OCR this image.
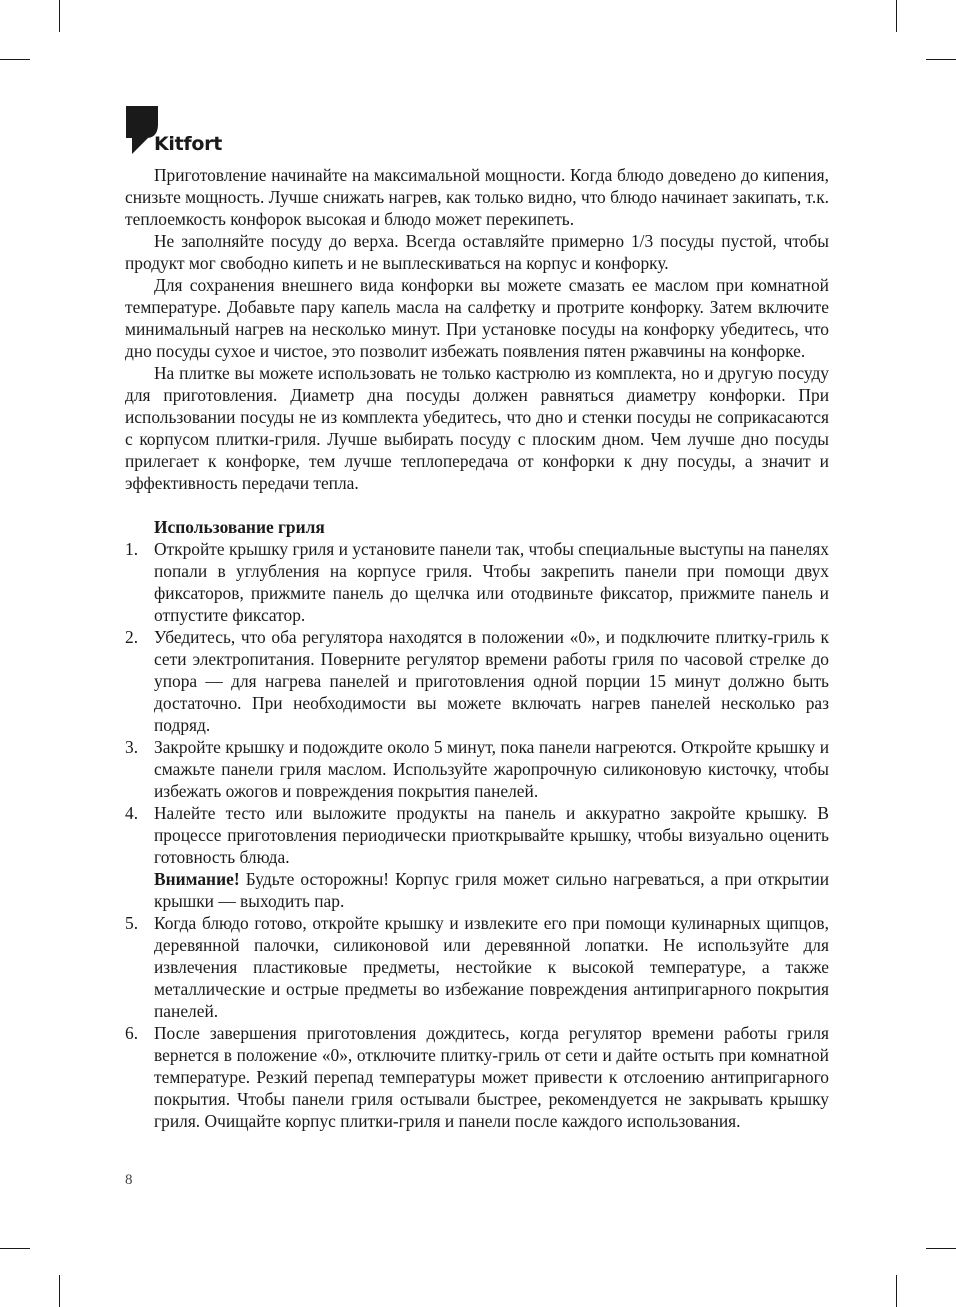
Kitfort

Приготовление начинайте на максимальной мощности. Когда блюдо доведено до кипения, снизьте мощность. Лучше снижать нагрев, как только видно, что блюдо начинает закипать, т.к. теплоемкость конфорок высокая и блюдо может перекипеть.

Не заполняйте посуду до верха. Всегда оставляйте примерно 1/3 посуды пустой, чтобы продукт мог свободно кипеть и не выплескиваться на корпус и конфорку.

Для сохранения внешнего вида конфорки вы можете смазать ее маслом при комнатной температуре. Добавьте пару капель масла на салфетку и протрите конфорку. Затем включите минимальный нагрев на несколько минут. При установке посуды на конфорку убедитесь, что дно посуды сухое и чистое, это позволит избежать появления пятен ржавчины на конфорке.

На плитке вы можете использовать не только кастрюлю из комплекта, но и другую посуду для приготовления. Диаметр дна посуды должен равняться диаметру конфорки. При использовании посуды не из комплекта убедитесь, что дно и стенки посуды не соприкасаются с корпусом плитки-гриля. Лучше выбирать посуду с плоским дном. Чем лучше дно посуды прилегает к конфорке, тем лучше теплопередача от конфорки к дну посуды, а значит и эффективность передачи тепла.

Использование гриля
1. Откройте крышку гриля и установите панели так, чтобы специальные выступы на панелях попали в углубления на корпусе гриля. Чтобы закрепить панели при помощи двух фиксаторов, прижмите панель до щелчка или отодвиньте фиксатор, прижмите панель и отпустите фиксатор.

2. Убедитесь, что оба регулятора находятся в положении «0», и подключите плитку-гриль к сети электропитания. Поверните регулятор времени работы гриля по часовой стрелке до упора — для нагрева панелей и приготовления одной порции 15 минут должно быть достаточно. При необходимости вы можете включать нагрев панелей несколько раз подряд.

3. Закройте крышку и подождите около 5 минут, пока панели нагреются. Откройте крышку и смажьте панели гриля маслом. Используйте жаропрочную силиконовую кисточку, чтобы избежать ожогов и повреждения покрытия панелей.

4. Налейте тесто или выложите продукты на панель и аккуратно закройте крышку. В процессе приготовления периодически приоткрывайте крышку, чтобы визуально оценить готовность блюда.

Внимание! Будьте осторожны! Корпус гриля может сильно нагреваться, а при открытии крышки — выходить пар.

5. Когда блюдо готово, откройте крышку и извлеките его при помощи кулинарных щипцов, деревянной палочки, силиконовой или деревянной лопатки. Не используйте для извлечения пластиковые предметы, нестойкие к высокой температуре, а также металлические и острые предметы во избежание повреждения антипригарного покрытия панелей.

6. После завершения приготовления дождитесь, когда регулятор времени работы гриля вернется в положение «0», отключите плитку-гриль от сети и дайте остыть при комнатной температуре. Резкий перепад температуры может привести к отслоению антипригарного покрытия. Чтобы панели гриля остывали быстрее, рекомендуется не закрывать крышку гриля. Очищайте корпус плитки-гриля и панели после каждого использования.

8
